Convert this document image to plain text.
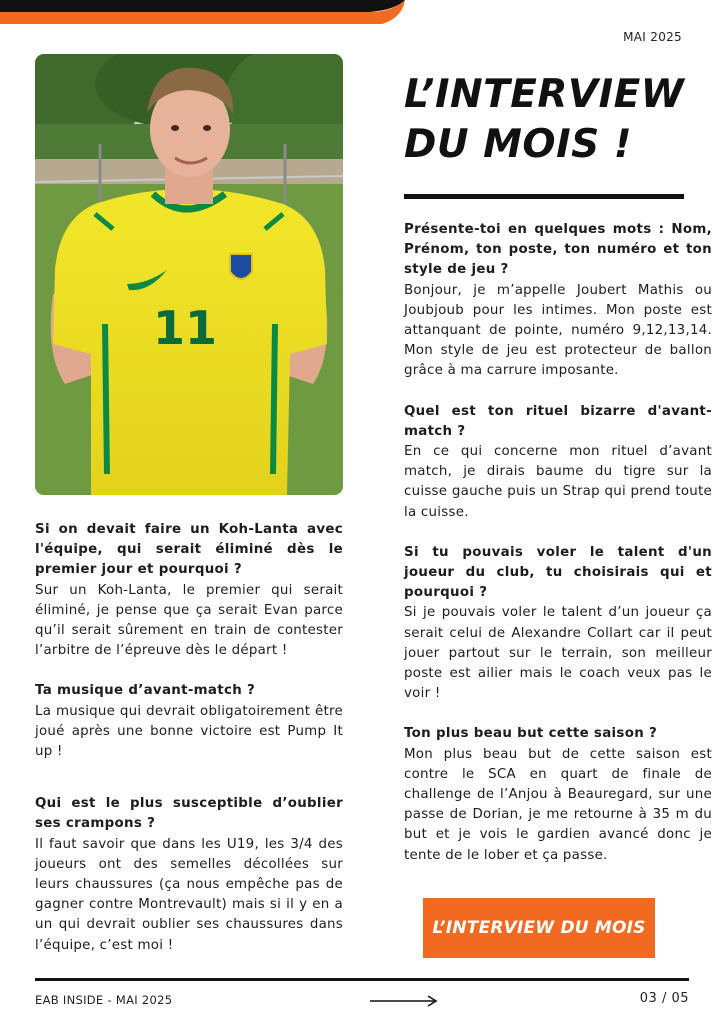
MAI 2025
11
L’INTERVIEW
DU MOIS !

Présente-toi en quelques mots : Nom, Prénom, ton poste, ton numéro et ton style de jeu ?

Bonjour, je m’appelle Joubert Mathis ou Joubjoub pour les intimes. Mon poste est attanquant de pointe, numéro 9,12,13,14. Mon style de jeu est protecteur de ballon grâce à ma carrure imposante.

Quel est ton rituel bizarre d'avant-match ?

En ce qui concerne mon rituel d’avant match, je dirais baume du tigre sur la cuisse gauche puis un Strap qui prend toute la cuisse.

Si tu pouvais voler le talent d'un joueur du club, tu choisirais qui et pourquoi ?

Si je pouvais voler le talent d’un joueur ça serait celui de Alexandre Collart car il peut jouer partout sur le terrain, son meilleur poste est ailier mais le coach veux pas le voir !

Ton plus beau but cette saison ?

Mon plus beau but de cette saison est contre le SCA en quart de finale de challenge de l’Anjou à Beauregard, sur une passe de Dorian, je me retourne à 35 m du but et je vois le gardien avancé donc je tente de le lober et ça passe.

Si on devait faire un Koh-Lanta avec l'équipe, qui serait éliminé dès le premier jour et pourquoi ?

Sur un Koh-Lanta, le premier qui serait éliminé, je pense que ça serait Evan parce qu’il serait sûrement en train de contester l’arbitre de l’épreuve dès le départ !

Ta musique d’avant-match ?

La musique qui devrait obligatoirement être joué après une bonne victoire est Pump It up !

Qui est le plus susceptible d’oublier ses crampons ?

Il faut savoir que dans les U19, les 3/4 des joueurs ont des semelles décollées sur leurs chaussures (ça nous empêche pas de gagner contre Montrevault) mais si il y en a un qui devrait oublier ses chaussures dans l’équipe, c’est moi !

L’INTERVIEW DU MOIS
EAB INSIDE - MAI 2025	03 / 05
